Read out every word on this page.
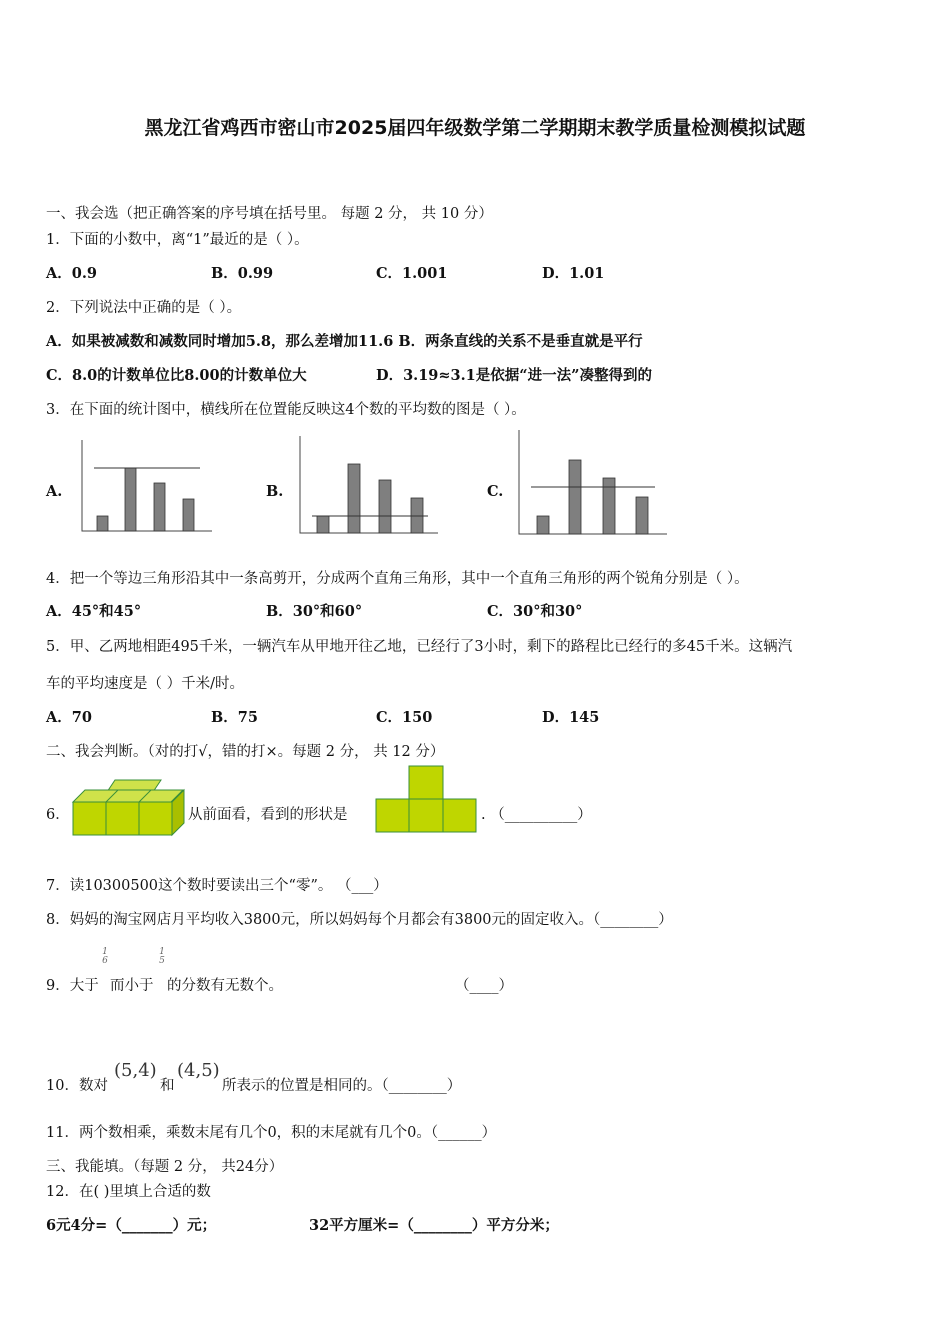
黑龙江省鸡西市密山市2025届四年级数学第二学期期末教学质量检测模拟试题
一、我会选（把正确答案的序号填在括号里。 每题 2 分， 共 10 分）
1．下面的小数中，离“1”最近的是（ ）。
A．0.9	B．0.99	C．1.001	D．1.01
2．下列说法中正确的是（ ）。
A．如果被减数和减数同时增加5.8，那么差增加11.6 B．两条直线的关系不是垂直就是平行
C．8.0的计数单位比8.00的计数单位大	D．3.19≈3.1是依据“进一法”凑整得到的
3．在下面的统计图中，横线所在位置能反映这4个数的平均数的图是（ ）。
A.	B.	C.
4．把一个等边三角形沿其中一条高剪开，分成两个直角三角形，其中一个直角三角形的两个锐角分别是（ ）。
A．45°和45°	B．30°和60°	C．30°和30°
5．甲、乙两地相距495千米，一辆汽车从甲地开往乙地，已经行了3小时，剩下的路程比已经行的多45千米。这辆汽
车的平均速度是（ ）千米/时。
A．70	B．75	C．150	D．145
二、我会判断。（对的打√，错的打×。每题 2 分， 共 12 分）
6．	从前面看，看到的形状是	. （__________）
7．读10300500这个数时要读出三个“零”。 （___）
8．妈妈的淘宝网店月平均收入3800元，所以妈妈每个月都会有3800元的固定收入。（________）
9．大于
1
6
而小于
1
5
的分数有无数个。	（____）
10．数对
(5,4)
和
(4,5)
所表示的位置是相同的。（________）
11．两个数相乘，乘数末尾有几个0，积的末尾就有几个0。（______）
三、我能填。（每题 2 分， 共24分）
12．在( )里填上合适的数
6元4分=（_______）元；	32平方厘米=（________）平方分米；
